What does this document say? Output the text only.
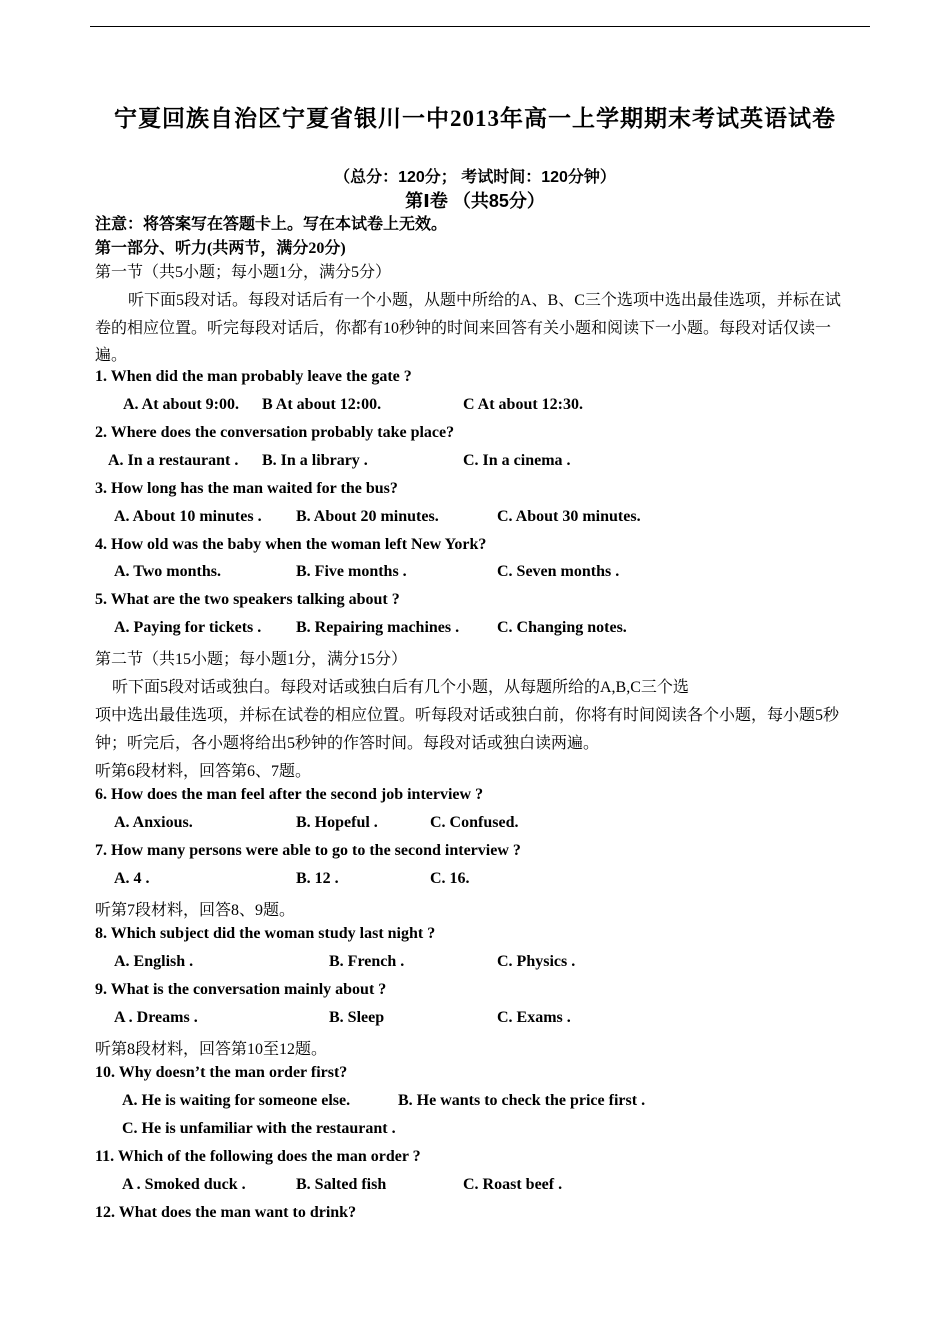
宁夏回族自治区宁夏省银川一中2013年高一上学期期末考试英语试卷
（总分：120分； 考试时间：120分钟）
第Ⅰ卷 （共85分）
注意：将答案写在答题卡上。写在本试卷上无效。
第一部分、听力(共两节，满分20分)
第一节（共5小题；每小题1分，满分5分）
听下面5段对话。每段对话后有一个小题，从题中所给的A、B、C三个选项中选出最佳选项，并标在试
卷的相应位置。听完每段对话后，你都有10秒钟的时间来回答有关小题和阅读下一小题。每段对话仅读一
遍。
1. When did the man probably leave the gate ?
A. At about 9:00. B At about 12:00.	C At about 12:30.
2. Where does the conversation probably take place?
A. In a restaurant . B. In a library .	C. In a cinema .
3. How long has the man waited for the bus?
A. About 10 minutes . B. About 20 minutes.	C. About 30 minutes.
4. How old was the baby when the woman left New York?
A. Two months.	B. Five months .	C. Seven months .
5. What are the two speakers talking about ?
A. Paying for tickets . B. Repairing machines . C. Changing notes.
第二节（共15小题；每小题1分，满分15分）
听下面5段对话或独白。每段对话或独白后有几个小题，从每题所给的A,B,C三个选
项中选出最佳选项，并标在试卷的相应位置。听每段对话或独白前，你将有时间阅读各个小题，每小题5秒
钟；听完后，各小题将给出5秒钟的作答时间。每段对话或独白读两遍。
听第6段材料，回答第6、7题。
6. How does the man feel after the second job interview ?
A. Anxious.	B. Hopeful .	C. Confused.
7. How many persons were able to go to the second interview ?
A. 4 .	B. 12 .	C. 16.
听第7段材料，回答8、9题。
8. Which subject did the woman study last night ?
A. English .	B. French .	C. Physics .
9. What is the conversation mainly about ?
A . Dreams .	B. Sleep	C. Exams .
听第8段材料，回答第10至12题。
10. Why doesn’t the man order first?
A. He is waiting for someone else.	B. He wants to check the price first .
C. He is unfamiliar with the restaurant .
11. Which of the following does the man order ?
A . Smoked duck .	B. Salted fish	C. Roast beef .
12. What does the man want to drink?
